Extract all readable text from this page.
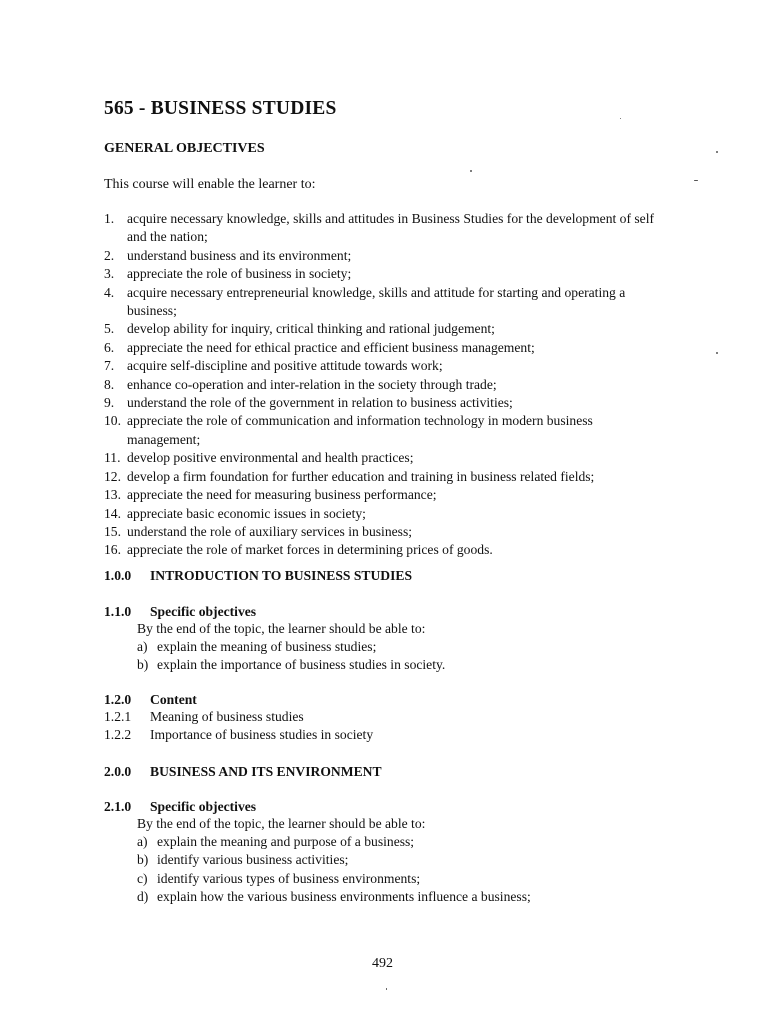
565 - BUSINESS STUDIES
GENERAL OBJECTIVES
This course will enable the learner to:
1. acquire necessary knowledge, skills and attitudes in Business Studies for the development of self and the nation;
2. understand business and its environment;
3. appreciate the role of business in society;
4. acquire necessary entrepreneurial knowledge, skills and attitude for starting and operating a business;
5. develop ability for inquiry, critical thinking and rational judgement;
6. appreciate the need for ethical practice and efficient business management;
7. acquire self-discipline and positive attitude towards work;
8. enhance co-operation and inter-relation in the society through trade;
9. understand the role of the government in relation to business activities;
10. appreciate the role of communication and information technology in modern business management;
11. develop positive environmental and health practices;
12. develop a firm foundation for further education and training in business related fields;
13. appreciate the need for measuring business performance;
14. appreciate basic economic issues in society;
15. understand the role of auxiliary services in business;
16. appreciate the role of market forces in determining prices of goods.
1.0.0 INTRODUCTION TO BUSINESS STUDIES
1.1.0 Specific objectives
By the end of the topic, the learner should be able to:
a) explain the meaning of business studies;
b) explain the importance of business studies in society.
1.2.0 Content
1.2.1 Meaning of business studies
1.2.2 Importance of business studies in society
2.0.0 BUSINESS AND ITS ENVIRONMENT
2.1.0 Specific objectives
By the end of the topic, the learner should be able to:
a) explain the meaning and purpose of a business;
b) identify various business activities;
c) identify various types of business environments;
d) explain how the various business environments influence a business;
492
